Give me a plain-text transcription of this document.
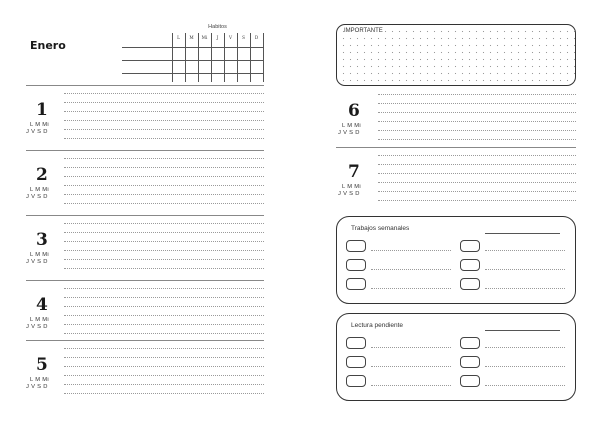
Enero
Habitos
L	M	Mi	J	V	S	D
1
L M Mi
J V S D
2
L M Mi
J V S D
3
L M Mi
J V S D
4
L M Mi
J V S D
5
L M Mi
J V S D
IMPORTANTE
6
L M Mi
J V S D
7
L M Mi
J V S D
Trabajos semanales
Lectura pendiente
